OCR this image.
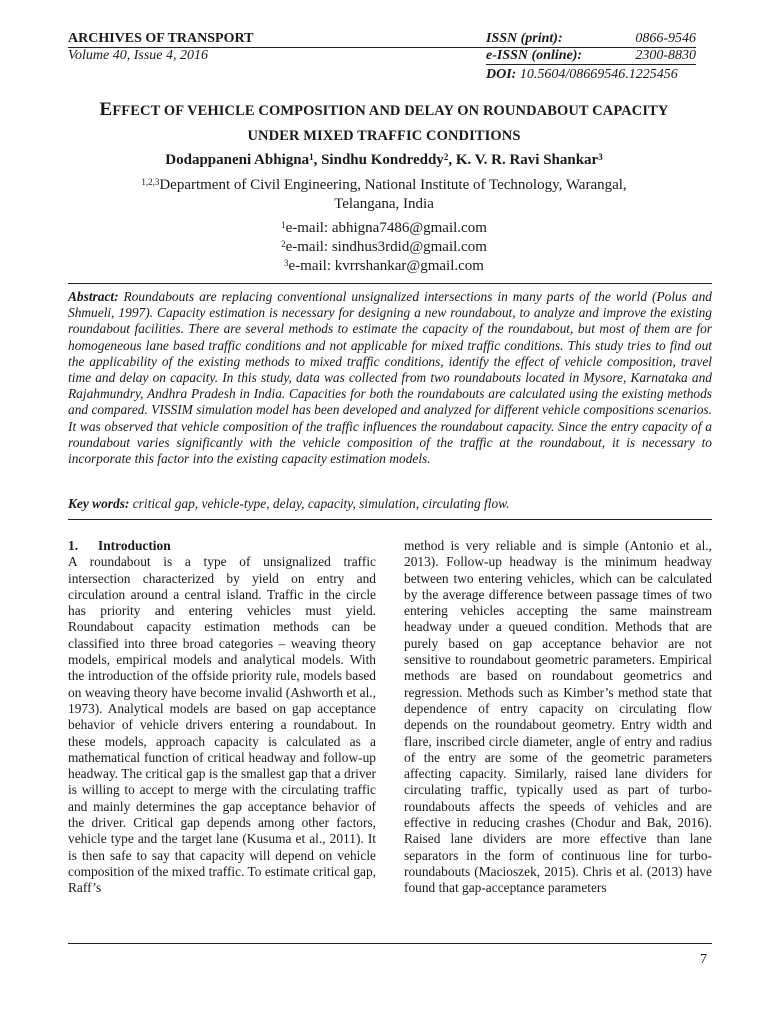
ARCHIVES OF TRANSPORT
Volume 40, Issue 4, 2016
ISSN (print):	0866-9546
e-ISSN (online):	2300-8830
DOI: 10.5604/08669546.1225456
EFFECT OF VEHICLE COMPOSITION AND DELAY ON ROUNDABOUT CAPACITY
UNDER MIXED TRAFFIC CONDITIONS
Dodappaneni Abhigna$^1$, Sindhu Kondreddy$^2$, K. V. R. Ravi Shankar$^3$
$^{1,2,3}$Department of Civil Engineering, National Institute of Technology, Warangal, Telangana, India
$^1$e-mail: abhigna7486@gmail.com
$^2$e-mail: sindhus3rdid@gmail.com
$^3$e-mail: kvrrshankar@gmail.com
Abstract: Roundabouts are replacing conventional unsignalized intersections in many parts of the world (Polus and Shmueli, 1997). Capacity estimation is necessary for designing a new roundabout, to analyze and improve the existing roundabout facilities. There are several methods to estimate the capacity of the roundabout, but most of them are for homogeneous lane based traffic conditions and not applicable for mixed traffic conditions. This study tries to find out the applicability of the existing methods to mixed traffic conditions, identify the effect of vehicle composition, travel time and delay on capacity. In this study, data was collected from two roundabouts located in Mysore, Karnataka and Rajahmundry, Andhra Pradesh in India. Capacities for both the roundabouts are calculated using the existing methods and compared. VISSIM simulation model has been developed and analyzed for different vehicle compositions scenarios. It was observed that vehicle composition of the traffic influences the roundabout capacity. Since the entry capacity of a roundabout varies significantly with the vehicle composition of the traffic at the roundabout, it is necessary to incorporate this factor into the existing capacity estimation models.
Key words: critical gap, vehicle-type, delay, capacity, simulation, circulating flow.
1. Introduction
A roundabout is a type of unsignalized traffic intersection characterized by yield on entry and circulation around a central island. Traffic in the circle has priority and entering vehicles must yield. Roundabout capacity estimation methods can be classified into three broad categories – weaving theory models, empirical models and analytical models. With the introduction of the offside priority rule, models based on weaving theory have become invalid (Ashworth et al., 1973). Analytical models are based on gap acceptance behavior of vehicle drivers entering a roundabout. In these models, approach capacity is calculated as a mathematical function of critical headway and follow-up headway. The critical gap is the smallest gap that a driver is willing to accept to merge with the circulating traffic and mainly determines the gap acceptance behavior of the driver. Critical gap depends among other factors, vehicle type and the target lane (Kusuma et al., 2011). It is then safe to say that capacity will depend on vehicle composition of the mixed traffic. To estimate critical gap, Raff’s
method is very reliable and is simple (Antonio et al., 2013). Follow-up headway is the minimum headway between two entering vehicles, which can be calculated by the average difference between passage times of two entering vehicles accepting the same mainstream headway under a queued condition. Methods that are purely based on gap acceptance behavior are not sensitive to roundabout geometric parameters. Empirical methods are based on roundabout geometrics and regression. Methods such as Kimber’s method state that dependence of entry capacity on circulating flow depends on the roundabout geometry. Entry width and flare, inscribed circle diameter, angle of entry and radius of the entry are some of the geometric parameters affecting capacity. Similarly, raised lane dividers for circulating traffic, typically used as part of turbo-roundabouts affects the speeds of vehicles and are effective in reducing crashes (Chodur and Bak, 2016). Raised lane dividers are more effective than lane separators in the form of continuous line for turbo-roundabouts (Macioszek, 2015). Chris et al. (2013) have found that gap-acceptance parameters
7
